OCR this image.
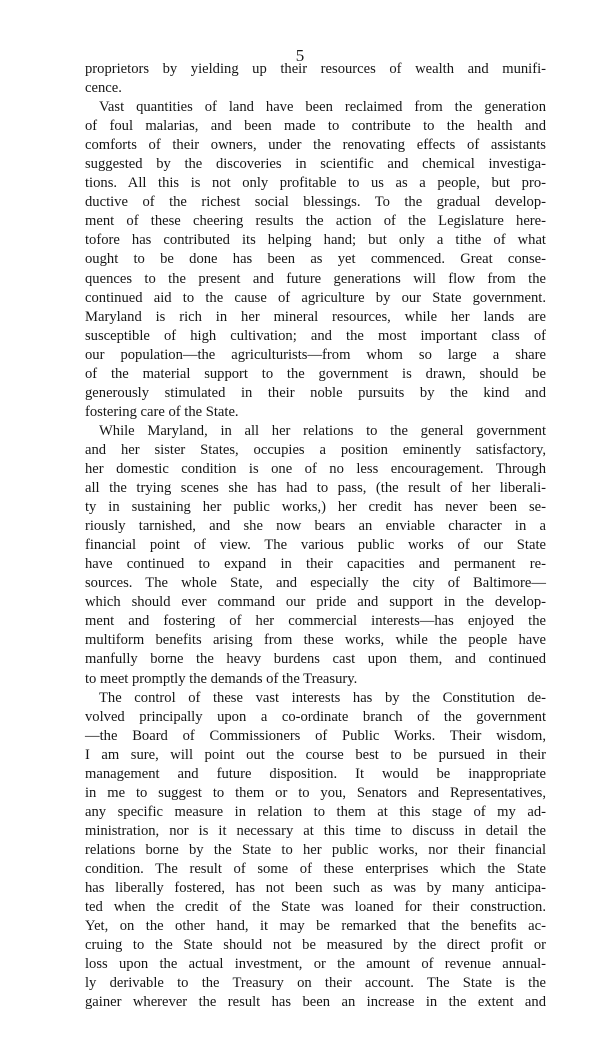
5
proprietors by yielding up their resources of wealth and munifi-
cence.
Vast quantities of land have been reclaimed from the generation
of foul malarias, and been made to contribute to the health and
comforts of their owners, under the renovating effects of assistants
suggested by the discoveries in scientific and chemical investiga-
tions. All this is not only profitable to us as a people, but pro-
ductive of the richest social blessings. To the gradual develop-
ment of these cheering results the action of the Legislature here-
tofore has contributed its helping hand; but only a tithe of what
ought to be done has been as yet commenced. Great conse-
quences to the present and future generations will flow from the
continued aid to the cause of agriculture by our State government.
Maryland is rich in her mineral resources, while her lands are
susceptible of high cultivation; and the most important class of
our population—the agriculturists—from whom so large a share
of the material support to the government is drawn, should be
generously stimulated in their noble pursuits by the kind and
fostering care of the State.
While Maryland, in all her relations to the general government
and her sister States, occupies a position eminently satisfactory,
her domestic condition is one of no less encouragement. Through
all the trying scenes she has had to pass, (the result of her liberali-
ty in sustaining her public works,) her credit has never been se-
riously tarnished, and she now bears an enviable character in a
financial point of view. The various public works of our State
have continued to expand in their capacities and permanent re-
sources. The whole State, and especially the city of Baltimore—
which should ever command our pride and support in the develop-
ment and fostering of her commercial interests—has enjoyed the
multiform benefits arising from these works, while the people have
manfully borne the heavy burdens cast upon them, and continued
to meet promptly the demands of the Treasury.
The control of these vast interests has by the Constitution de-
volved principally upon a co-ordinate branch of the government
—the Board of Commissioners of Public Works. Their wisdom,
I am sure, will point out the course best to be pursued in their
management and future disposition. It would be inappropriate
in me to suggest to them or to you, Senators and Representatives,
any specific measure in relation to them at this stage of my ad-
ministration, nor is it necessary at this time to discuss in detail the
relations borne by the State to her public works, nor their financial
condition. The result of some of these enterprises which the State
has liberally fostered, has not been such as was by many anticipa-
ted when the credit of the State was loaned for their construction.
Yet, on the other hand, it may be remarked that the benefits ac-
cruing to the State should not be measured by the direct profit or
loss upon the actual investment, or the amount of revenue annual-
ly derivable to the Treasury on their account. The State is the
gainer wherever the result has been an increase in the extent and
